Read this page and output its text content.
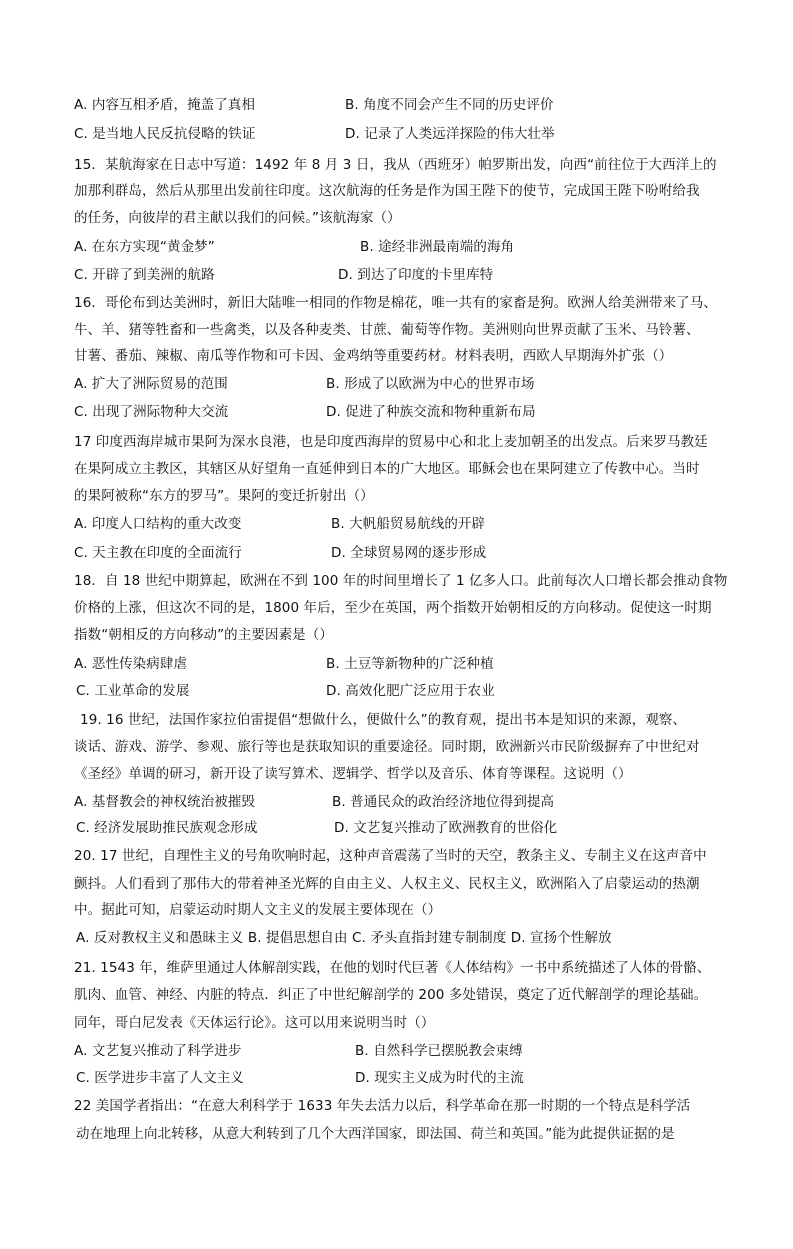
A. 内容互相矛盾，掩盖了真相	B. 角度不同会产生不同的历史评价
C. 是当地人民反抗侵略的铁证	D. 记录了人类远洋探险的伟大壮举
15．某航海家在日志中写道：1492 年 8 月 3 日，我从（西班牙）帕罗斯出发，向西“前往位于大西洋上的
加那利群岛，然后从那里出发前往印度。这次航海的任务是作为国王陛下的使节，完成国王陛下吩咐给我
的任务，向彼岸的君主献以我们的问候。”该航海家（）
A. 在东方实现“黄金梦”	B. 途经非洲最南端的海角
C. 开辟了到美洲的航路	D. 到达了印度的卡里库特
16．哥伦布到达美洲时，新旧大陆唯一相同的作物是棉花，唯一共有的家畜是狗。欧洲人给美洲带来了马、
牛、羊、猪等牲畜和一些禽类，以及各种麦类、甘蔗、葡萄等作物。美洲则向世界贡献了玉米、马铃薯、
甘薯、番茄、辣椒、南瓜等作物和可卡因、金鸡纳等重要药材。材料表明，西欧人早期海外扩张（）
A. 扩大了洲际贸易的范围	B. 形成了以欧洲为中心的世界市场
C. 出现了洲际物种大交流	D. 促进了种族交流和物种重新布局
17 印度西海岸城市果阿为深水良港，也是印度西海岸的贸易中心和北上麦加朝圣的出发点。后来罗马教廷
在果阿成立主教区，其辖区从好望角一直延伸到日本的广大地区。耶稣会也在果阿建立了传教中心。当时
的果阿被称“东方的罗马”。果阿的变迁折射出（）
A. 印度人口结构的重大改变	B. 大帆船贸易航线的开辟
C. 天主教在印度的全面流行	D. 全球贸易网的逐步形成
18．自 18 世纪中期算起，欧洲在不到 100 年的时间里增长了 1 亿多人口。此前每次人口增长都会推动食物
价格的上涨，但这次不同的是，1800 年后，至少在英国，两个指数开始朝相反的方向移动。促使这一时期
指数“朝相反的方向移动”的主要因素是（）
A. 恶性传染病肆虐	B. 土豆等新物种的广泛种植
C. 工业革命的发展	D. 高效化肥广泛应用于农业
19. 16 世纪，法国作家拉伯雷提倡“想做什么，便做什么”的教育观，提出书本是知识的来源，观察、
谈话、游戏、游学、参观、旅行等也是获取知识的重要途径。同时期，欧洲新兴市民阶级摒弃了中世纪对
《圣经》单调的研习，新开设了读写算术、逻辑学、哲学以及音乐、体育等课程。这说明（）
A. 基督教会的神权统治被摧毁	B. 普通民众的政治经济地位得到提高
C. 经济发展助推民族观念形成	D. 文艺复兴推动了欧洲教育的世俗化
20. 17 世纪，自理性主义的号角吹响时起，这种声音震荡了当时的天空，教条主义、专制主义在这声音中
颤抖。人们看到了那伟大的带着神圣光辉的自由主义、人权主义、民权主义，欧洲陷入了启蒙运动的热潮
中。据此可知，启蒙运动时期人文主义的发展主要体现在（）
A. 反对教权主义和愚昧主义 B. 提倡思想自由 C. 矛头直指封建专制制度 D. 宣扬个性解放
21. 1543 年，维萨里通过人体解剖实践，在他的划时代巨著《人体结构》一书中系统描述了人体的骨骼、
肌肉、血管、神经、内脏的特点．纠正了中世纪解剖学的 200 多处错误，奠定了近代解剖学的理论基础。
同年，哥白尼发表《天体运行论》。这可以用来说明当时（）
A. 文艺复兴推动了科学进步	B. 自然科学已摆脱教会束缚
C. 医学进步丰富了人文主义	D. 现实主义成为时代的主流
22 美国学者指出：“在意大利科学于 1633 年失去活力以后，科学革命在那一时期的一个特点是科学活
动在地理上向北转移，从意大利转到了几个大西洋国家，即法国、荷兰和英国。”能为此提供证据的是
